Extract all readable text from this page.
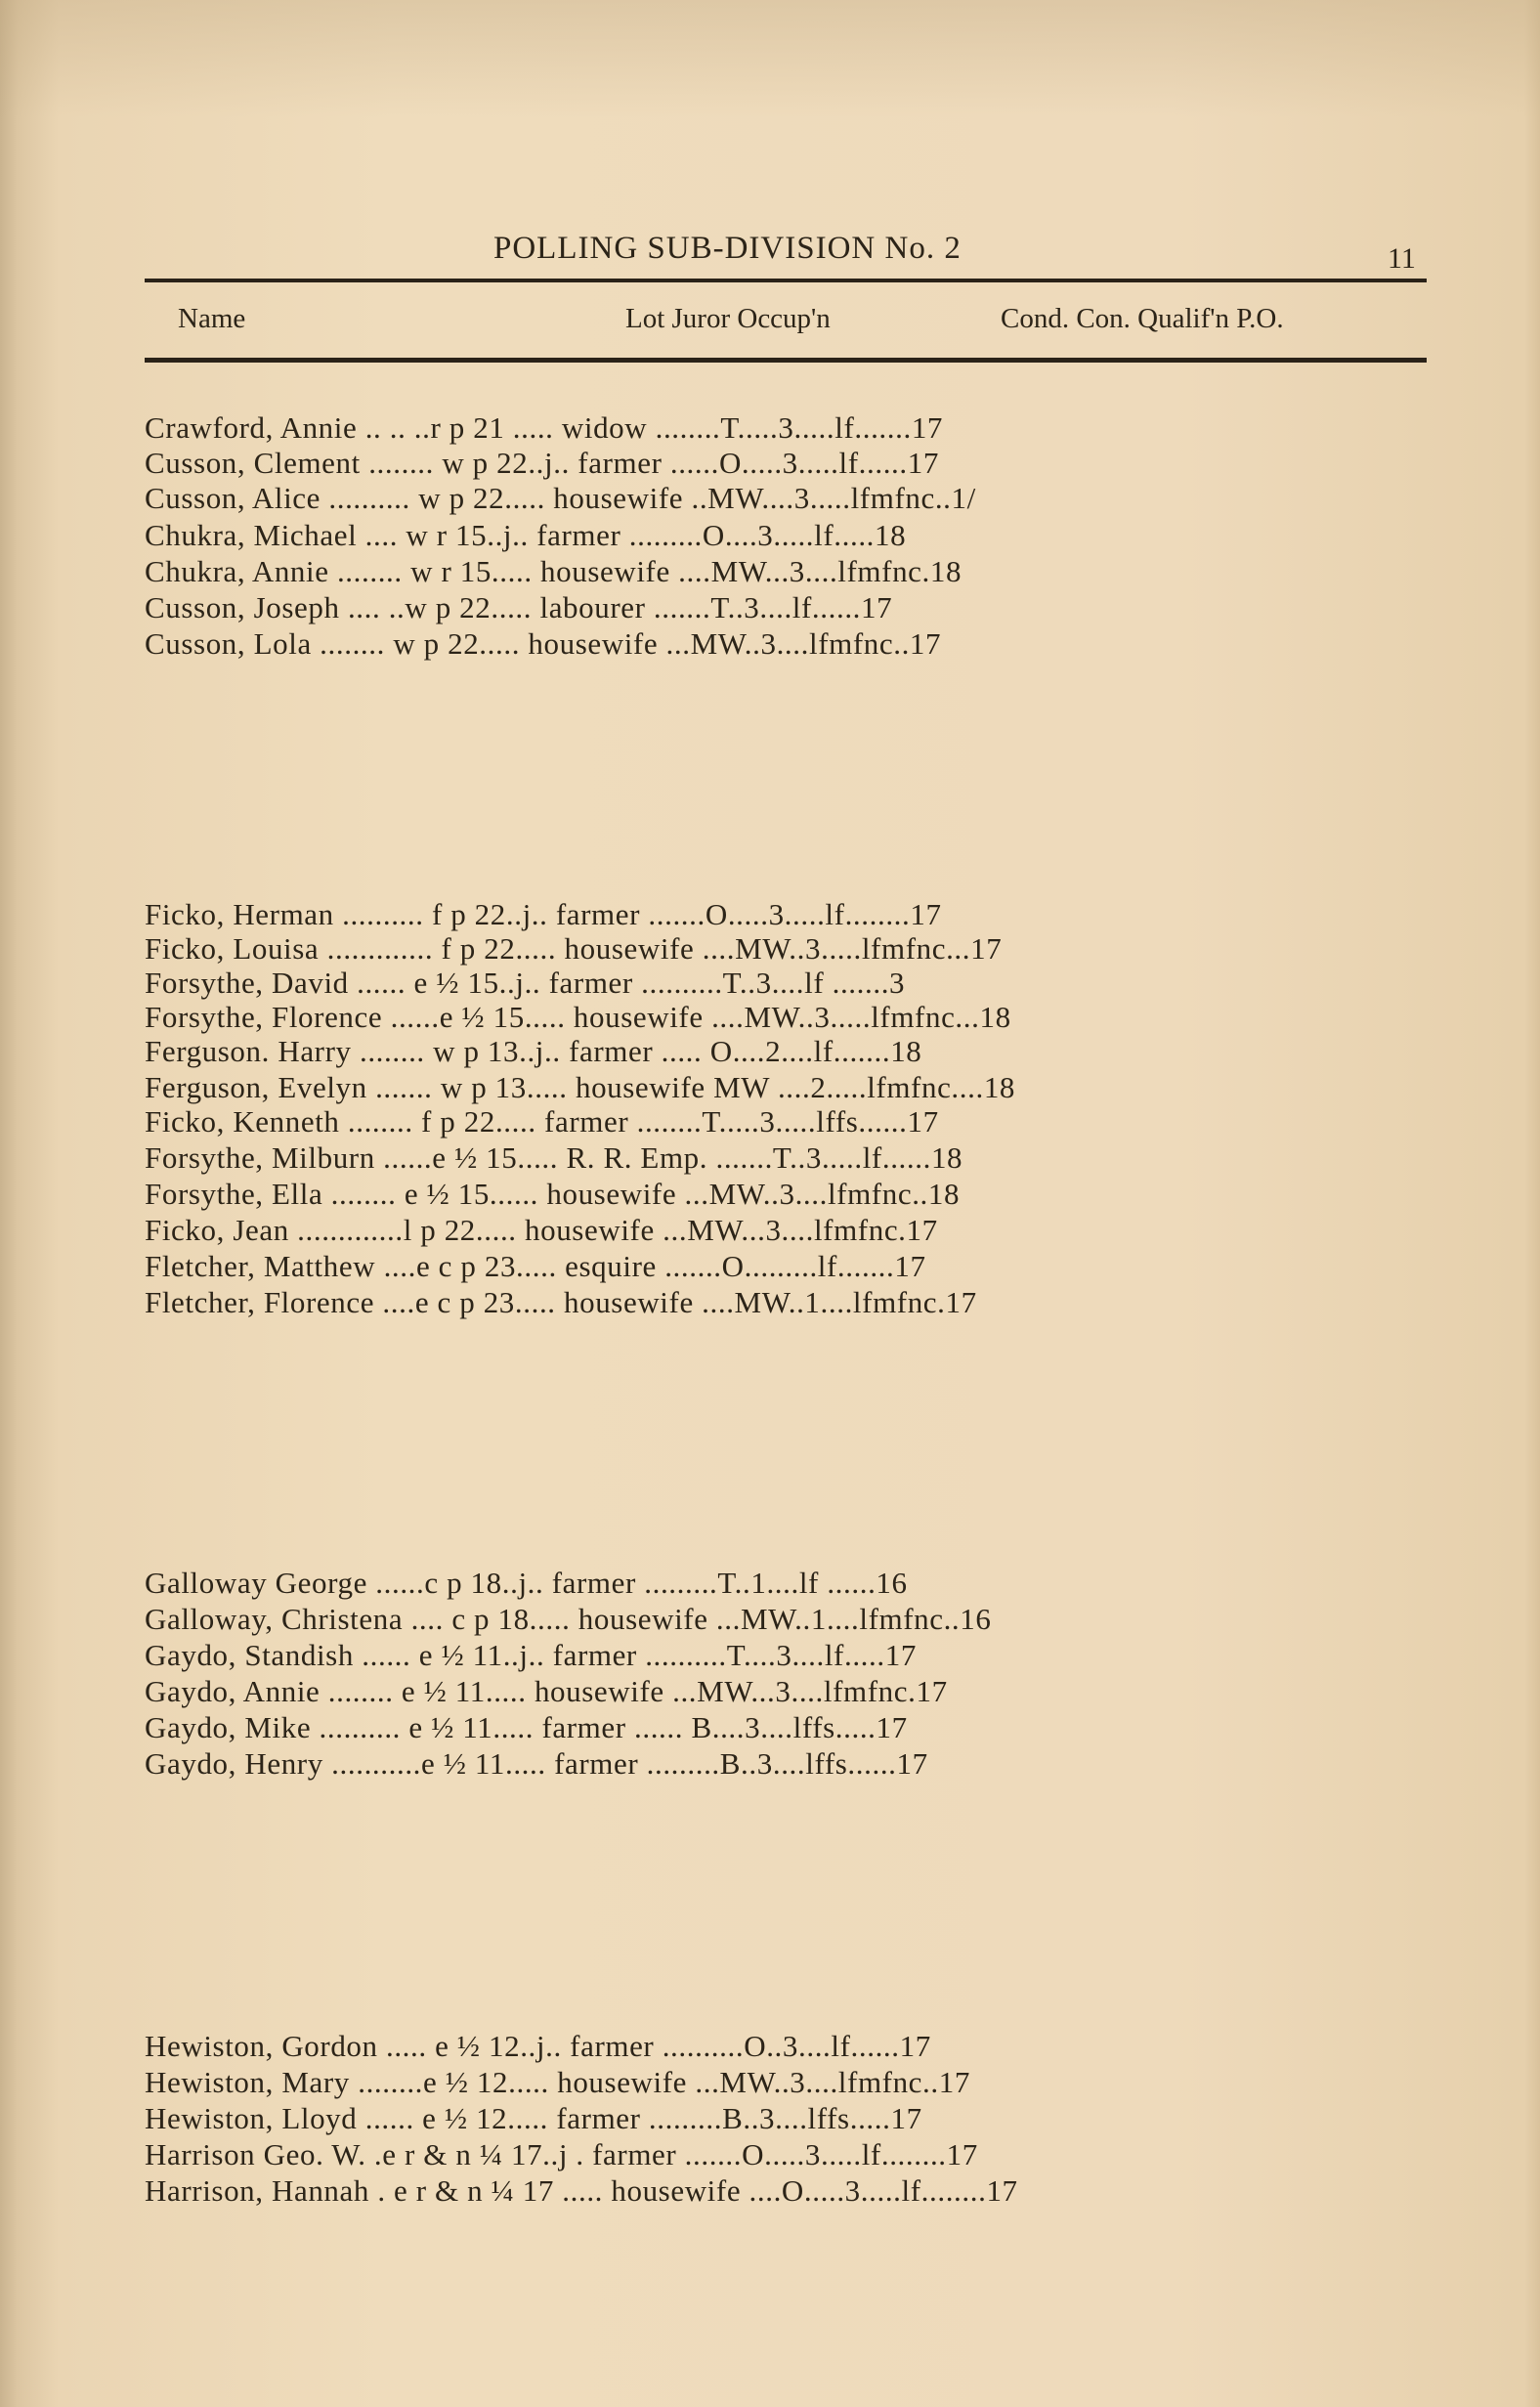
POLLING SUB-DIVISION No. 2	11
Name	Lot Juror Occup'n	Cond. Con. Qualif'n P.O.
Crawford, Annie .. .. ..r p 21 ..... widow ........T.....3.....lf.......17
Cusson, Clement ........ w p 22..j.. farmer ......O.....3.....lf......17
Cusson, Alice .......... w p 22..... housewife ..MW....3.....lfmfnc..1/
Chukra, Michael .... w r 15..j.. farmer .........O....3.....lf.....18
Chukra, Annie ........ w r 15..... housewife ....MW...3....lfmfnc.18
Cusson, Joseph .... ..w p 22..... labourer .......T..3....lf......17
Cusson, Lola ........ w p 22..... housewife ...MW..3....lfmfnc..17
Ficko, Herman .......... f p 22..j.. farmer .......O.....3.....lf........17
Ficko, Louisa ............. f p 22..... housewife ....MW..3.....lfmfnc...17
Forsythe, David ...... e ½ 15..j.. farmer ..........T..3....lf .......3
Forsythe, Florence ......e ½ 15..... housewife ....MW..3.....lfmfnc...18
Ferguson. Harry ........ w p 13..j.. farmer ..... O....2....lf.......18
Ferguson, Evelyn ....... w p 13..... housewife MW ....2.....lfmfnc....18
Ficko, Kenneth ........ f p 22..... farmer ........T.....3.....lffs......17
Forsythe, Milburn ......e ½ 15..... R. R. Emp. .......T..3.....lf......18
Forsythe, Ella ........ e ½ 15...... housewife ...MW..3....lfmfnc..18
Ficko, Jean .............l p 22..... housewife ...MW...3....lfmfnc.17
Fletcher, Matthew ....e c p 23..... esquire .......O.........lf.......17
Fletcher, Florence ....e c p 23..... housewife ....MW..1....lfmfnc.17
Galloway George ......c p 18..j.. farmer .........T..1....lf ......16
Galloway, Christena .... c p 18..... housewife ...MW..1....lfmfnc..16
Gaydo, Standish ...... e ½ 11..j.. farmer ..........T....3....lf.....17
Gaydo, Annie ........ e ½ 11..... housewife ...MW...3....lfmfnc.17
Gaydo, Mike .......... e ½ 11..... farmer ...... B....3....lffs.....17
Gaydo, Henry ...........e ½ 11..... farmer .........B..3....lffs......17
Hewiston, Gordon ..... e ½ 12..j.. farmer ..........O..3....lf......17
Hewiston, Mary ........e ½ 12..... housewife ...MW..3....lfmfnc..17
Hewiston, Lloyd ...... e ½ 12..... farmer .........B..3....lffs.....17
Harrison Geo. W. .e r & n ¼ 17..j . farmer .......O.....3.....lf........17
Harrison, Hannah . e r & n ¼ 17 ..... housewife ....O.....3.....lf........17
